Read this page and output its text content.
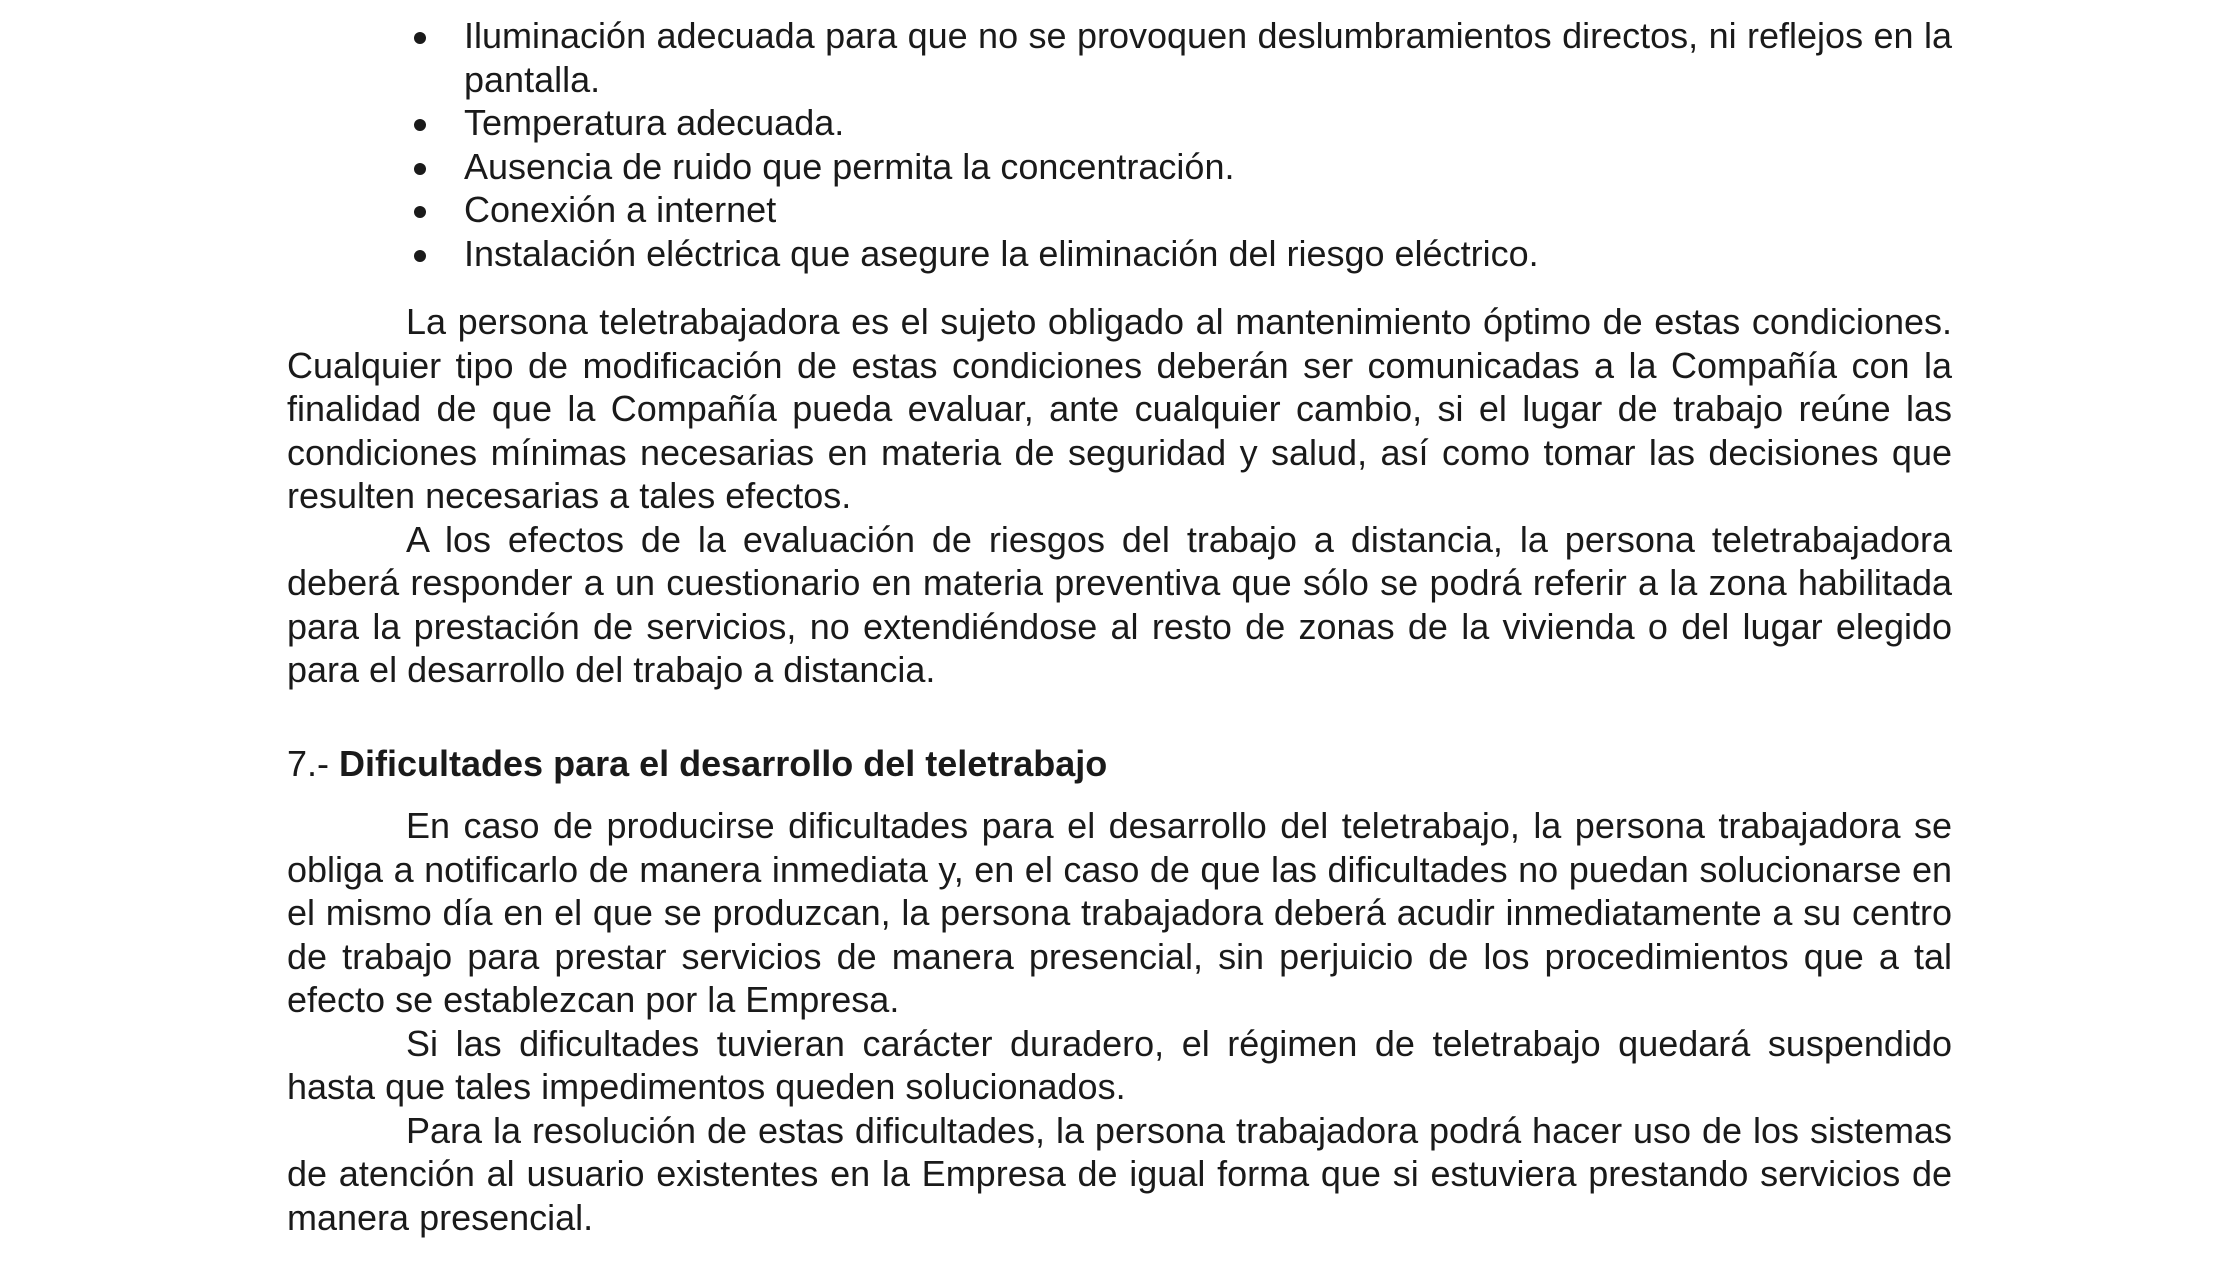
Iluminación adecuada para que no se provoquen deslumbramientos directos, ni reflejos en la pantalla.
Temperatura adecuada.
Ausencia de ruido que permita la concentración.
Conexión a internet
Instalación eléctrica que asegure la eliminación del riesgo eléctrico.

La persona teletrabajadora es el sujeto obligado al mantenimiento óptimo de estas condiciones. Cualquier tipo de modificación de estas condiciones deberán ser comunicadas a la Compañía con la finalidad de que la Compañía pueda evaluar, ante cualquier cambio, si el lugar de trabajo reúne las condiciones mínimas necesarias en materia de seguridad y salud, así como tomar las decisiones que resulten necesarias a tales efectos.

A los efectos de la evaluación de riesgos del trabajo a distancia, la persona teletrabajadora deberá responder a un cuestionario en materia preventiva que sólo se podrá referir a la zona habilitada para la prestación de servicios, no extendiéndose al resto de zonas de la vivienda o del lugar elegido para el desarrollo del trabajo a distancia.

7.- Dificultades para el desarrollo del teletrabajo

En caso de producirse dificultades para el desarrollo del teletrabajo, la persona trabajadora se obliga a notificarlo de manera inmediata y, en el caso de que las dificultades no puedan solucionarse en el mismo día en el que se produzcan, la persona trabajadora deberá acudir inmediatamente a su centro de trabajo para prestar servicios de manera presencial, sin perjuicio de los procedimientos que a tal efecto se establezcan por la Empresa.

Si las dificultades tuvieran carácter duradero, el régimen de teletrabajo quedará suspendido hasta que tales impedimentos queden solucionados.

Para la resolución de estas dificultades, la persona trabajadora podrá hacer uso de los sistemas de atención al usuario existentes en la Empresa de igual forma que si estuviera prestando servicios de manera presencial.
